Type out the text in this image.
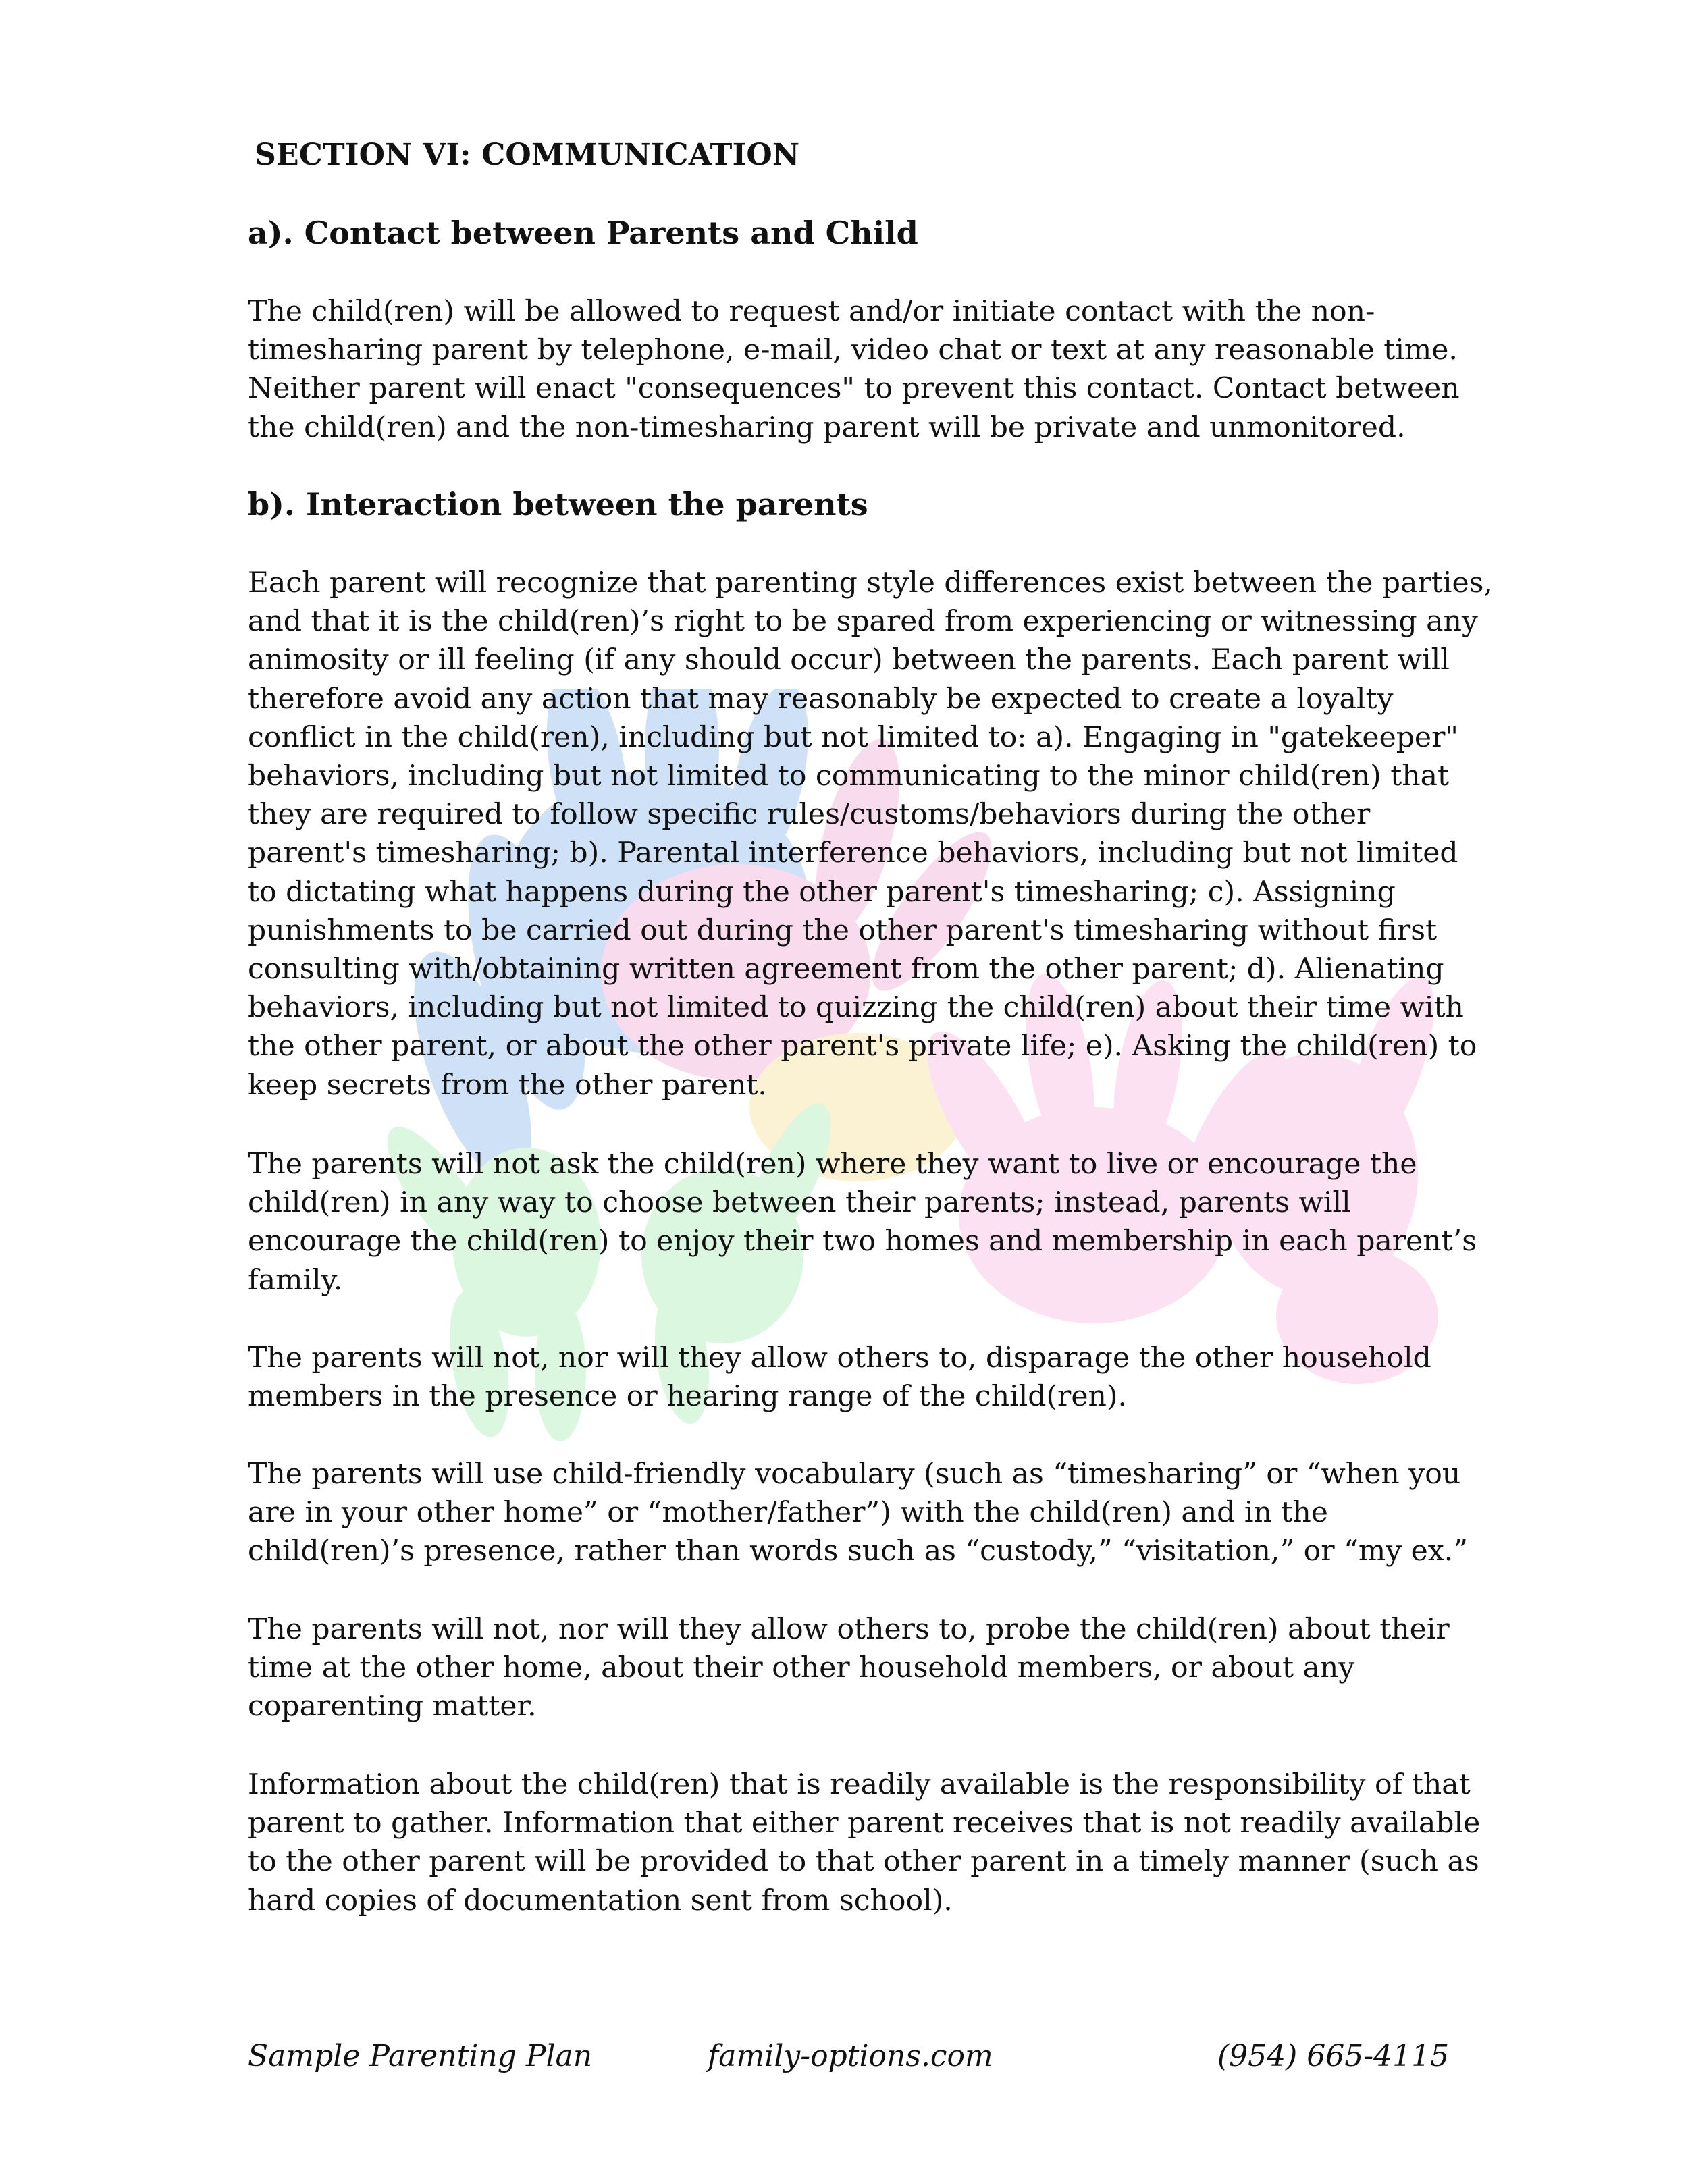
SECTION VI: COMMUNICATION
a). Contact between Parents and Child

The child(ren) will be allowed to request and/or initiate contact with the non-
timesharing parent by telephone, e-mail, video chat or text at any reasonable time.
Neither parent will enact "consequences" to prevent this contact. Contact between
the child(ren) and the non-timesharing parent will be private and unmonitored.

b). Interaction between the parents

Each parent will recognize that parenting style differences exist between the parties,
and that it is the child(ren)’s right to be spared from experiencing or witnessing any
animosity or ill feeling (if any should occur) between the parents. Each parent will
therefore avoid any action that may reasonably be expected to create a loyalty
conflict in the child(ren), including but not limited to: a). Engaging in "gatekeeper"
behaviors, including but not limited to communicating to the minor child(ren) that
they are required to follow specific rules/customs/behaviors during the other
parent's timesharing; b). Parental interference behaviors, including but not limited
to dictating what happens during the other parent's timesharing; c). Assigning
punishments to be carried out during the other parent's timesharing without first
consulting with/obtaining written agreement from the other parent; d). Alienating
behaviors, including but not limited to quizzing the child(ren) about their time with
the other parent, or about the other parent's private life; e). Asking the child(ren) to
keep secrets from the other parent.

The parents will not ask the child(ren) where they want to live or encourage the
child(ren) in any way to choose between their parents; instead, parents will
encourage the child(ren) to enjoy their two homes and membership in each parent’s
family.

The parents will not, nor will they allow others to, disparage the other household
members in the presence or hearing range of the child(ren).

The parents will use child-friendly vocabulary (such as “timesharing” or “when you
are in your other home” or “mother/father”) with the child(ren) and in the
child(ren)’s presence, rather than words such as “custody,” “visitation,” or “my ex.”

The parents will not, nor will they allow others to, probe the child(ren) about their
time at the other home, about their other household members, or about any
coparenting matter.

Information about the child(ren) that is readily available is the responsibility of that
parent to gather. Information that either parent receives that is not readily available
to the other parent will be provided to that other parent in a timely manner (such as
hard copies of documentation sent from school).

Sample Parenting Plan	family-options.com	(954) 665-4115
